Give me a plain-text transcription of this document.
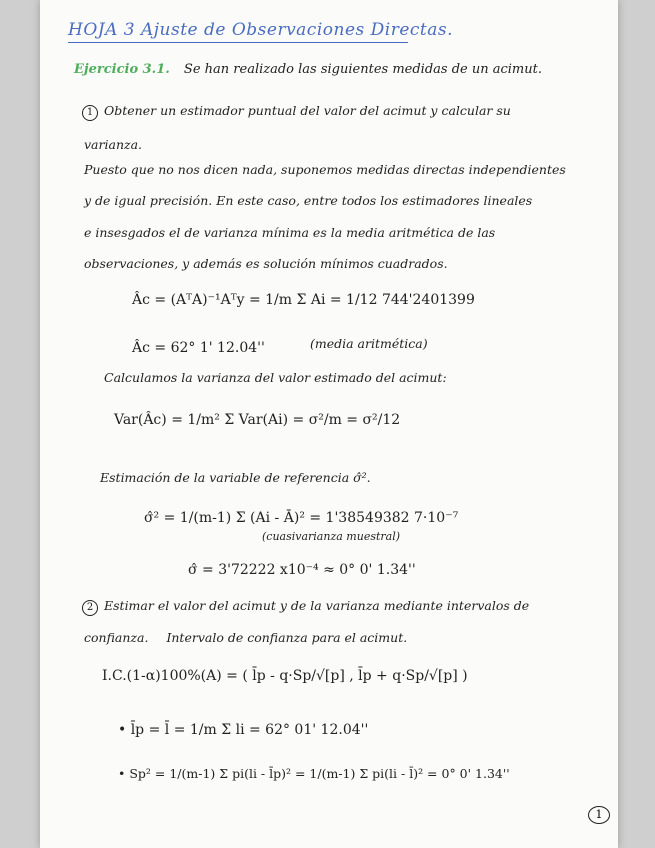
HOJA 3 Ajuste de Observaciones Directas.
Ejercicio 3.1. Se han realizado las siguientes medidas de un acimut.
1 Obtener un estimador puntual del valor del acimut y calcular su
varianza.
Puesto que no nos dicen nada, suponemos medidas directas independientes
y de igual precisión. En este caso, entre todos los estimadores lineales
e insesgados el de varianza mínima es la media aritmética de las
observaciones, y además es solución mínimos cuadrados.
Âc = (AᵀA)⁻¹Aᵀy = 1/m Σ Ai = 1/12 744'2401399
Âc = 62° 1' 12.04''	(media aritmética)
Calculamos la varianza del valor estimado del acimut:
Var(Âc) = 1/m² Σ Var(Ai) = σ²/m = σ²/12
Estimación de la variable de referencia σ̂².
σ̂² = 1/(m-1) Σ (Ai - Ā)² = 1'38549382 7·10⁻⁷
(cuasivarianza muestral)
σ̂ = 3'72222 x10⁻⁴ ≈ 0° 0' 1.34''
2 Estimar el valor del acimut y de la varianza mediante intervalos de
confianza. Intervalo de confianza para el acimut.
I.C.(1-α)100%(A) = ( l̄p - q·Sp/√[p] , l̄p + q·Sp/√[p] )
• l̄p = l̄ = 1/m Σ li = 62° 01' 12.04''
• Sp² = 1/(m-1) Σ pi(li - l̄p)² = 1/(m-1) Σ pi(li - l̄)² = 0° 0' 1.34''
1
